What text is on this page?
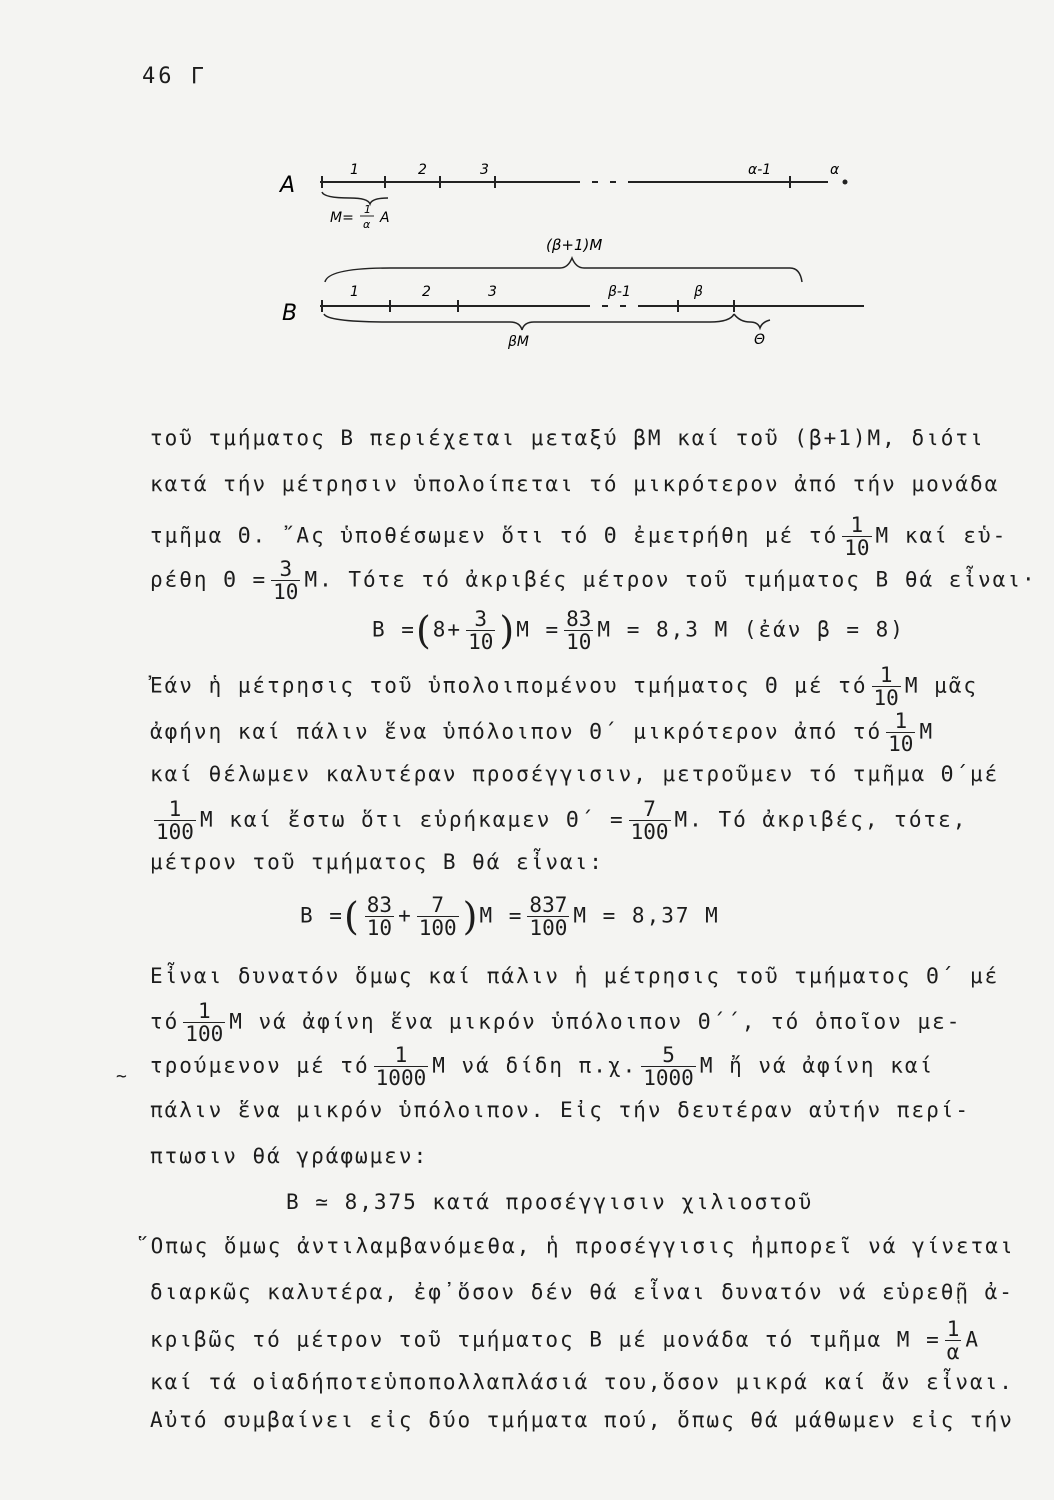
46 Γ
A
1	2	3	α-1	α
M=
1
α A
(β+1)M
B
1	2	3	β-1	β
βM	Θ
τοῦ τμήματος Β περιέχεται μεταξύ βΜ καί τοῦ (β+1)Μ, διότι
κατά τήν μέτρησιν ὑπολοίπεται τό μικρότερον ἀπό τήν μονάδα
τμῆμα Θ. ῎Ας ὑποθέσωμεν ὅτι τό Θ ἐμετρήθη μέ τό $\frac{1}{10}$ Μ καί εὑ-
ρέθη $\Theta = \frac{3}{10} M$. Τότε τό ἀκριβές μέτρον τοῦ τμήματος Β θά εἶναι·
$B =(8+ \frac{3}{10} )M = \frac{83}{10}$ M = 8,3 M (ἐάν β = 8)
Ἐάν ἡ μέτρησις τοῦ ὑπολοιπομένου τμήματος Θ μέ τό $\frac{1}{10}$ Μ μᾶς
ἀφήνη καί πάλιν ἕνα ὑπόλοιπον Θ΄ μικρότερον ἀπό τό $\frac{1}{10}$ Μ
καί θέλωμεν καλυτέραν προσέγγισιν, μετροῦμεν τό τμῆμα Θ΄μέ
$\frac{1}{100}$ Μ καί ἔστω ὅτι εὑρήκαμεν $\Theta΄ = \frac{7}{100} M$. Τό ἀκριβές, τότε,
μέτρον τοῦ τμήματος Β θά εἶναι:
B =( $\frac{83}{10} + \frac{7}{100} )M = \frac{837}{100}$ M = 8,37 M
Εἶναι δυνατόν ὅμως καί πάλιν ἡ μέτρησις τοῦ τμήματος Θ΄ μέ
τό $\frac{1}{100}$ Μ νά ἀφίνη ἕνα μικρόν ὑπόλοιπον Θ΄΄, τό ὁποῖον με-
~ τρούμενον μέ τό $\frac{1}{1000}$ Μ νά δίδη π.χ. $\frac{5}{1000}$ Μ ἤ νά ἀφίνη καί
πάλιν ἕνα μικρόν ὑπόλοιπον. Εἰς τήν δευτέραν αὐτήν περί-
πτωσιν θά γράφωμεν:
Β ≃ 8,375 κατά προσέγγισιν χιλιοστοῦ
῞Οπως ὅμως ἀντιλαμβανόμεθα, ἡ προσέγγισις ἠμπορεῖ νά γίνεται
διαρκῶς καλυτέρα, ἐφ᾽ὅσον δέν θά εἶναι δυνατόν νά εὑρεθῇ ἀ-
κριβῶς τό μέτρον τοῦ τμήματος Β μέ μονάδα τό τμῆμα $M = \frac{1}{\alpha}$ Α
καί τά οἱαδήποτεὑποπολλαπλάσιά του,ὅσον μικρά καί ἄν εἶναι.
Αὐτό συμβαίνει εἰς δύο τμήματα πού, ὅπως θά μάθωμεν εἰς τήν
